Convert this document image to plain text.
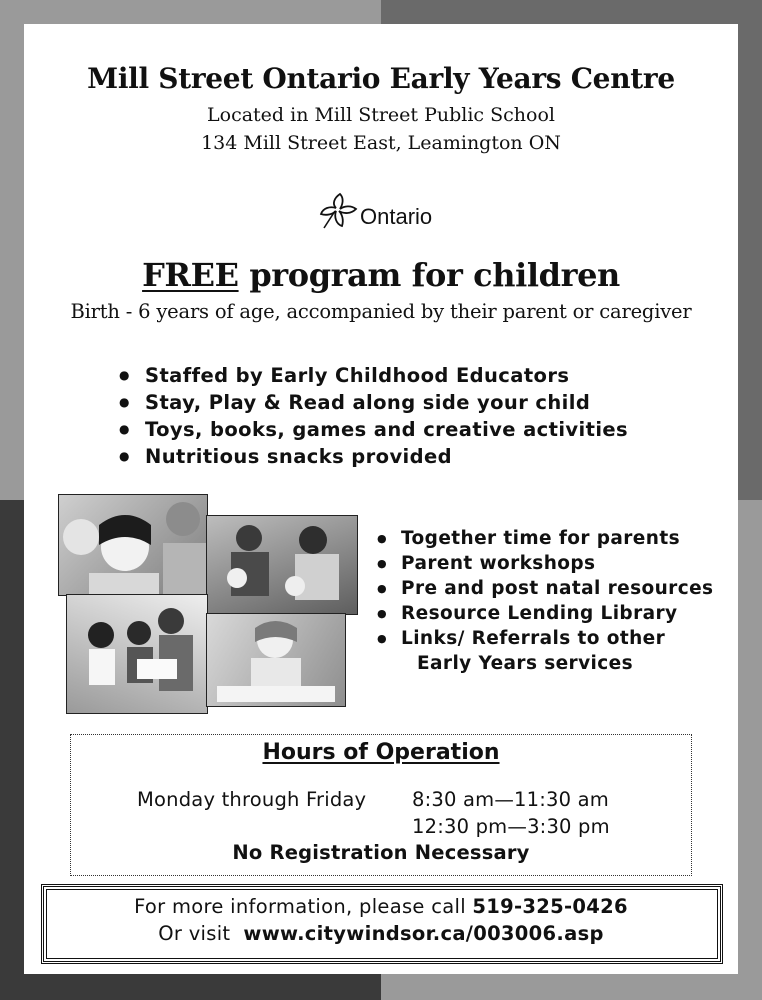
Mill Street Ontario Early Years Centre
Located in Mill Street Public School
134 Mill Street East, Leamington ON
Ontario
FREE program for children
Birth - 6 years of age, accompanied by their parent or caregiver
● Staffed by Early Childhood Educators
● Stay, Play & Read along side your child
● Toys, books, games and creative activities
● Nutritious snacks provided
● Together time for parents
● Parent workshops
● Pre and post natal resources
● Resource Lending Library
● Links/ Referrals to other
Early Years services
Hours of Operation
Monday through Friday 8:30 am—11:30 am
12:30 pm—3:30 pm
No Registration Necessary
For more information, please call 519-325-0426
Or visit  www.citywindsor.ca/003006.asp
